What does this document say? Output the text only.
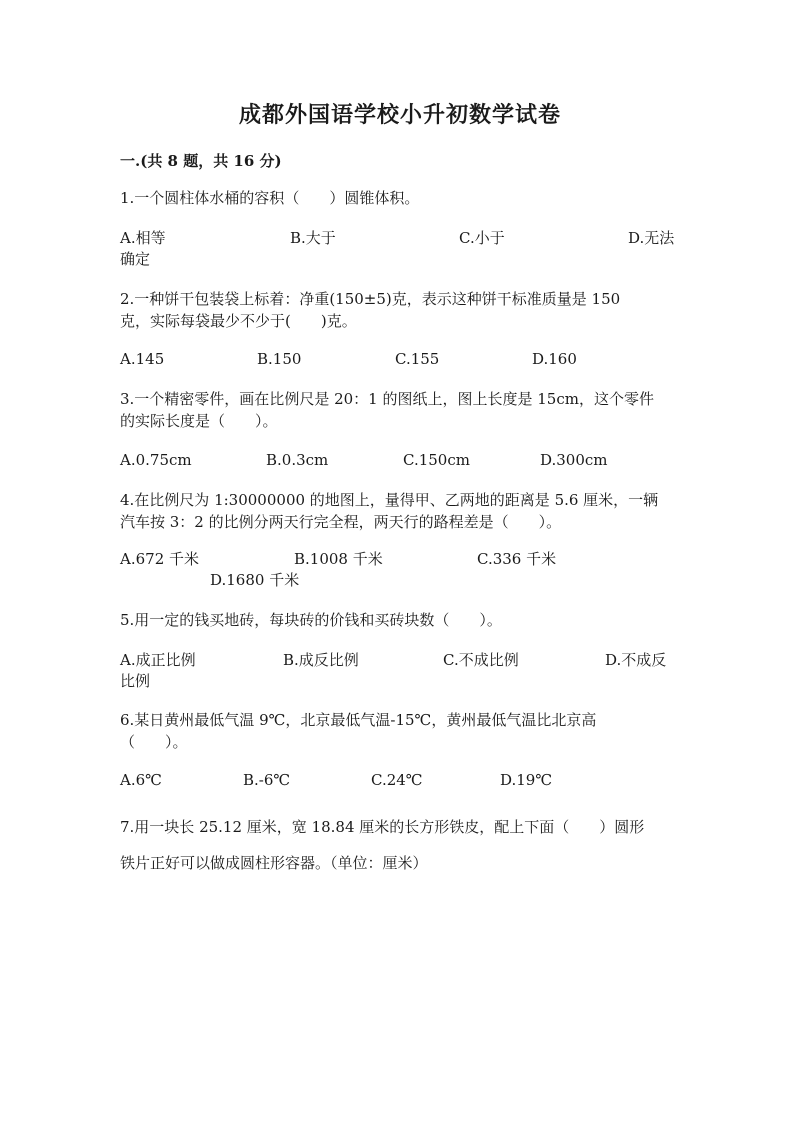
成都外国语学校小升初数学试卷
一.(共 8 题，共 16 分)
1.一个圆柱体水桶的容积（　　）圆锥体积。
A.相等	B.大于	C.小于	D.无法
确定
2.一种饼干包装袋上标着：净重(150±5)克，表示这种饼干标准质量是 150
克，实际每袋最少不少于(　　)克。
A.145	B.150	C.155	D.160
3.一个精密零件，画在比例尺是 20：1 的图纸上，图上长度是 15cm，这个零件
的实际长度是（　　）。
A.0.75cm	B.0.3cm	C.150cm	D.300cm
4.在比例尺为 1:30000000 的地图上，量得甲、乙两地的距离是 5.6 厘米，一辆
汽车按 3：2 的比例分两天行完全程，两天行的路程差是（　　）。
A.672 千米	B.1008 千米	C.336 千米
D.1680 千米
5.用一定的钱买地砖，每块砖的价钱和买砖块数（　　）。
A.成正比例	B.成反比例	C.不成比例	D.不成反
比例
6.某日黄州最低气温 9℃，北京最低气温-15℃，黄州最低气温比北京高
（　　）。
A.6℃	B.-6℃	C.24℃	D.19℃
7.用一块长 25.12 厘米，宽 18.84 厘米的长方形铁皮，配上下面（　　）圆形
铁片正好可以做成圆柱形容器。（单位：厘米）
